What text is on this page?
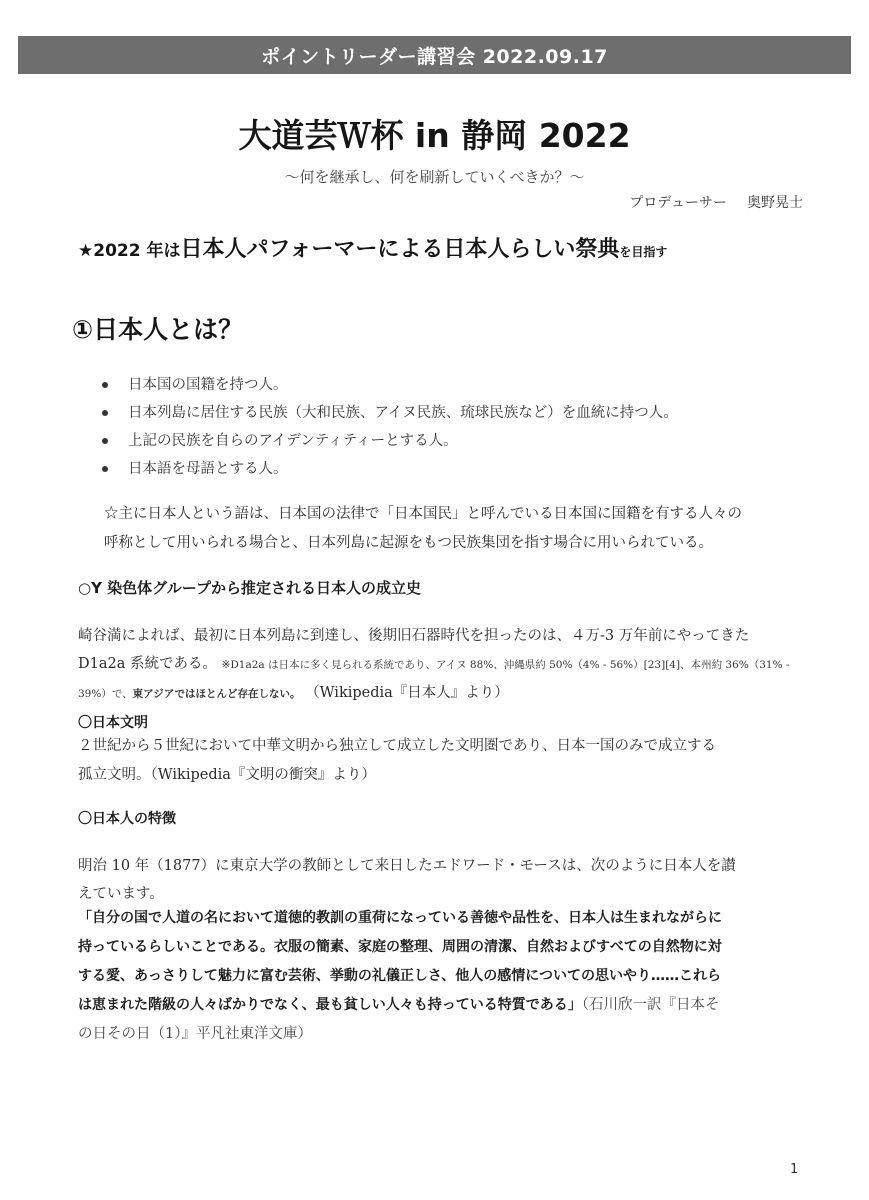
ポイントリーダー講習会 2022.09.17
大道芸Ｗ杯 in 静岡 2022
～何を継承し、何を刷新していくべきか？～
プロデューサー 奥野晃士
★2022 年は日本人パフォーマーによる日本人らしい祭典を目指す
①日本人とは？
日本国の国籍を持つ人。
日本列島に居住する民族（大和民族、アイヌ民族、琉球民族など）を血統に持つ人。
上記の民族を自らのアイデンティティーとする人。
日本語を母語とする人。

☆主に日本人という語は、日本国の法律で「日本国民」と呼んでいる日本国に国籍を有する人々の
呼称として用いられる場合と、日本列島に起源をもつ民族集団を指す場合に用いられている。

○Y 染色体グループから推定される日本人の成立史

崎谷満によれば、最初に日本列島に到達し、後期旧石器時代を担ったのは、４万-3 万年前にやってきた
D1a2a 系統である。 ※D1a2a は日本に多く見られる系統であり、アイヌ 88%、沖縄県約 50%（4% - 56%）[23][4]、本州約 36%（31% -
39%）で、東アジアではほとんど存在しない。 （Wikipedia『日本人』より）

〇日本文明

２世紀から５世紀において中華文明から独立して成立した文明圏であり、日本一国のみで成立する
孤立文明。（Wikipedia『文明の衝突』より）

〇日本人の特徴

明治 10 年（1877）に東京大学の教師として来日したエドワード・モースは、次のように日本人を讃
えています。

「自分の国で人道の名において道徳的教訓の重荷になっている善徳や品性を、日本人は生まれながらに
持っているらしいことである。衣服の簡素、家庭の整理、周囲の清潔、自然およびすべての自然物に対
する愛、あっさりして魅力に富む芸術、挙動の礼儀正しさ、他人の感情についての思いやり……これら
は恵まれた階級の人々ばかりでなく、最も貧しい人々も持っている特質である」（石川欣一訳『日本そ
の日その日（1）』平凡社東洋文庫）

1
